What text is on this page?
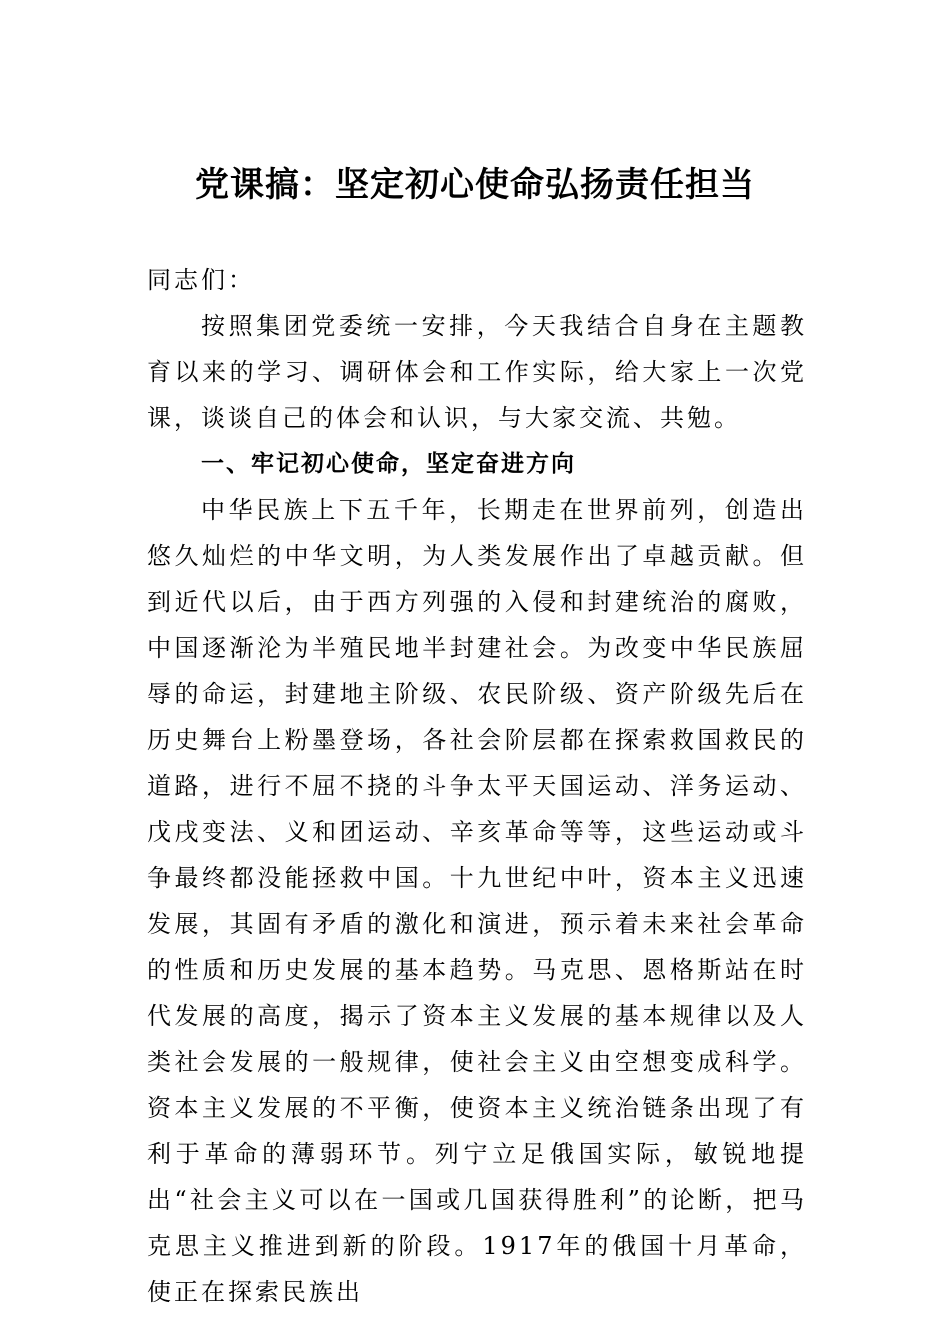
党课搞：坚定初心使命弘扬责任担当

同志们：

按照集团党委统一安排，今天我结合自身在主题教育以来的学习、调研体会和工作实际，给大家上一次党课，谈谈自己的体会和认识，与大家交流、共勉。

一、牢记初心使命，坚定奋进方向

中华民族上下五千年，长期走在世界前列，创造出悠久灿烂的中华文明，为人类发展作出了卓越贡献。但到近代以后，由于西方列强的入侵和封建统治的腐败，中国逐渐沦为半殖民地半封建社会。为改变中华民族屈辱的命运，封建地主阶级、农民阶级、资产阶级先后在历史舞台上粉墨登场，各社会阶层都在探索救国救民的道路，进行不屈不挠的斗争太平天国运动、洋务运动、戊戌变法、义和团运动、辛亥革命等等，这些运动或斗争最终都没能拯救中国。十九世纪中叶，资本主义迅速发展，其固有矛盾的激化和演进，预示着未来社会革命的性质和历史发展的基本趋势。马克思、恩格斯站在时代发展的高度，揭示了资本主义发展的基本规律以及人类社会发展的一般规律，使社会主义由空想变成科学。资本主义发展的不平衡，使资本主义统治链条出现了有利于革命的薄弱环节。列宁立足俄国实际，敏锐地提出“社会主义可以在一国或几国获得胜利”的论断，把马克思主义推进到新的阶段。1917年的俄国十月革命，使正在探索民族出
